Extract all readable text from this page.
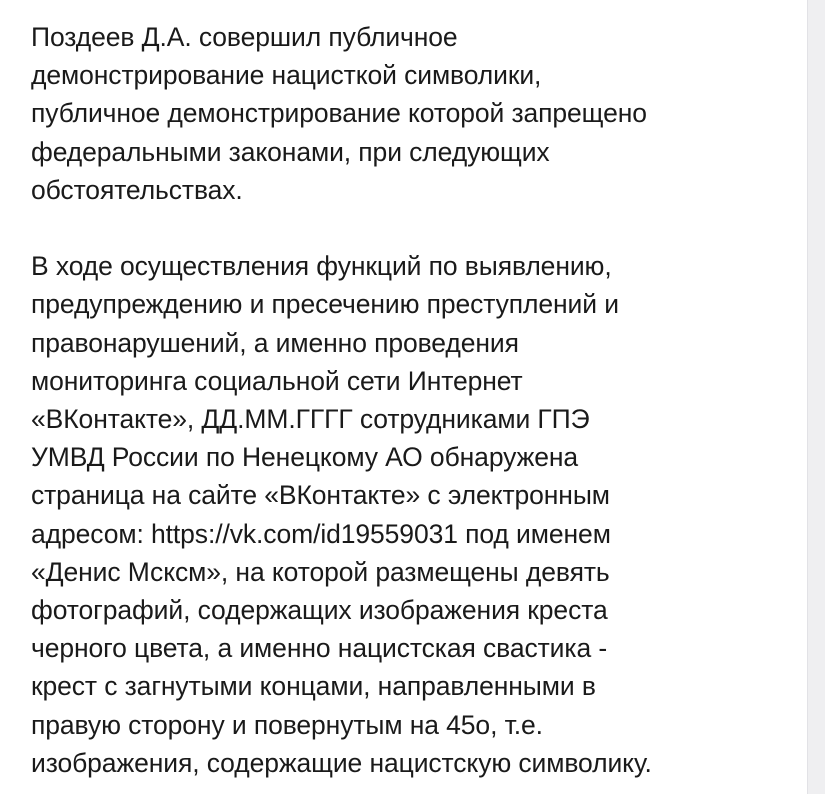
Поздеев Д.А. совершил публичное
демонстрирование нацисткой символики,
публичное демонстрирование которой запрещено
федеральными законами, при следующих
обстоятельствах.
В ходе осуществления функций по выявлению,
предупреждению и пресечению преступлений и
правонарушений, а именно проведения
мониторинга социальной сети Интернет
«ВКонтакте», ДД.ММ.ГГГГ сотрудниками ГПЭ
УМВД России по Ненецкому АО обнаружена
страница на сайте «ВКонтакте» с электронным
адресом: https://vk.com/id19559031 под именем
«Денис Мсксм», на которой размещены девять
фотографий, содержащих изображения креста
черного цвета, а именно нацистская свастика -
крест с загнутыми концами, направленными в
правую сторону и повернутым на 45о, т.е.
изображения, содержащие нацистскую символику.
